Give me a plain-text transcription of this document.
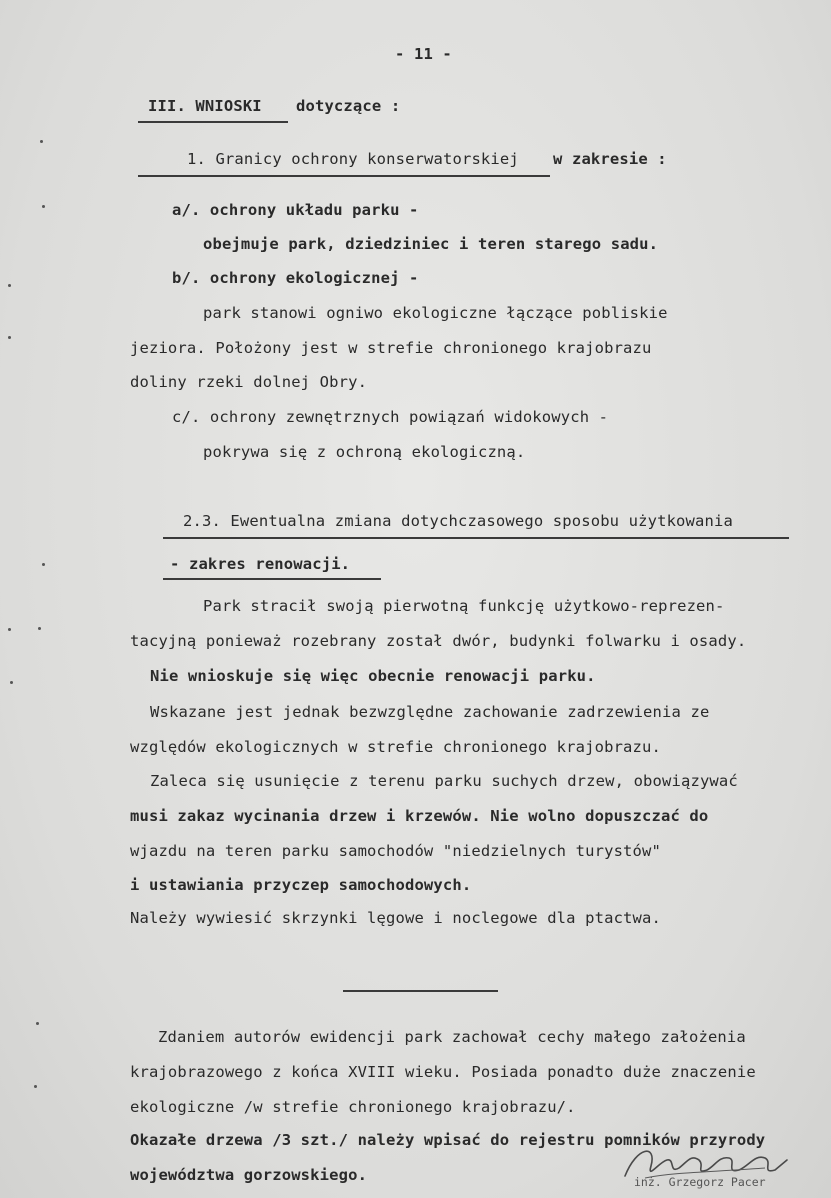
- 11 -
III. WNIOSKI dotyczące :
1. Granicy ochrony konserwatorskiej w zakresie :
a/. ochrony układu parku -
obejmuje park, dziedziniec i teren starego sadu.
b/. ochrony ekologicznej -
park stanowi ogniwo ekologiczne łączące pobliskie
jeziora. Położony jest w strefie chronionego krajobrazu
doliny rzeki dolnej Obry.
c/. ochrony zewnętrznych powiązań widokowych -
pokrywa się z ochroną ekologiczną.
2.3. Ewentualna zmiana dotychczasowego sposobu użytkowania
- zakres renowacji.
Park stracił swoją pierwotną funkcję użytkowo-reprezen-
tacyjną ponieważ rozebrany został dwór, budynki folwarku i osady.
Nie wnioskuje się więc obecnie renowacji parku.
Wskazane jest jednak bezwzględne zachowanie zadrzewienia ze
względów ekologicznych w strefie chronionego krajobrazu.
Zaleca się usunięcie z terenu parku suchych drzew, obowiązywać
musi zakaz wycinania drzew i krzewów. Nie wolno dopuszczać do
wjazdu na teren parku samochodów "niedzielnych turystów"
i ustawiania przyczep samochodowych.
Należy wywiesić skrzynki lęgowe i noclegowe dla ptactwa.
Zdaniem autorów ewidencji park zachował cechy małego założenia
krajobrazowego z końca XVIII wieku. Posiada ponadto duże znaczenie
ekologiczne /w strefie chronionego krajobrazu/.
Okazałe drzewa /3 szt./ należy wpisać do rejestru pomników przyrody
województwa gorzowskiego.	inż. Grzegorz Pacer
